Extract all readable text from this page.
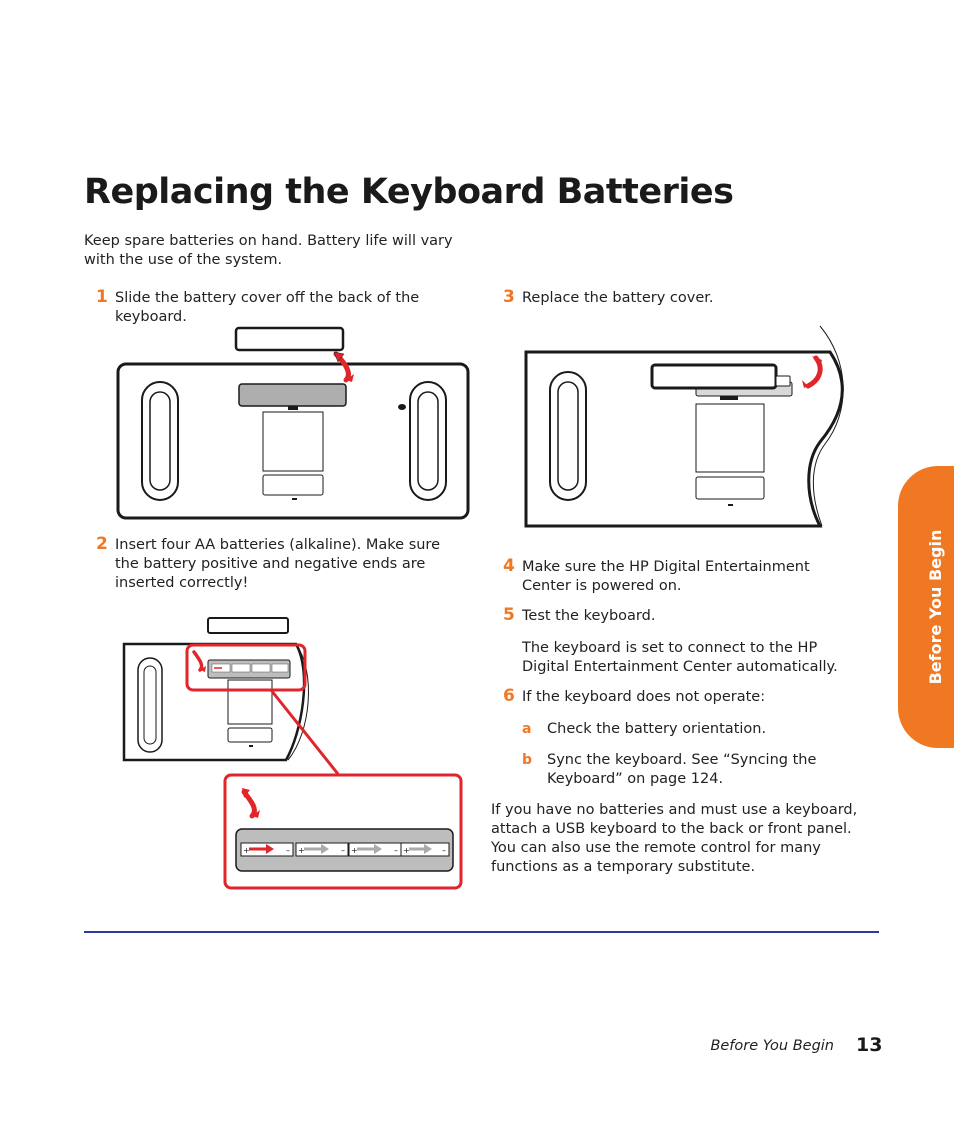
Replacing the Keyboard Batteries
Keep spare batteries on hand. Battery life will vary with the use of the system.
1 Slide the battery cover off the back of the keyboard.
2 Insert four AA batteries (alkaline). Make sure the battery positive and negative ends are inserted correctly!
+	– +	– +	– +	–
3 Replace the battery cover.
4 Make sure the HP Digital Entertainment Center is powered on.
5 Test the keyboard.
The keyboard is set to connect to the HP Digital Entertainment Center automatically.
6 If the keyboard does not operate:
a Check the battery orientation.
b Sync the keyboard. See “Syncing the Keyboard” on page 124.
If you have no batteries and must use a keyboard, attach a USB keyboard to the back or front panel. You can also use the remote control for many functions as a temporary substitute.
Before You Begin
Before You Begin 13
